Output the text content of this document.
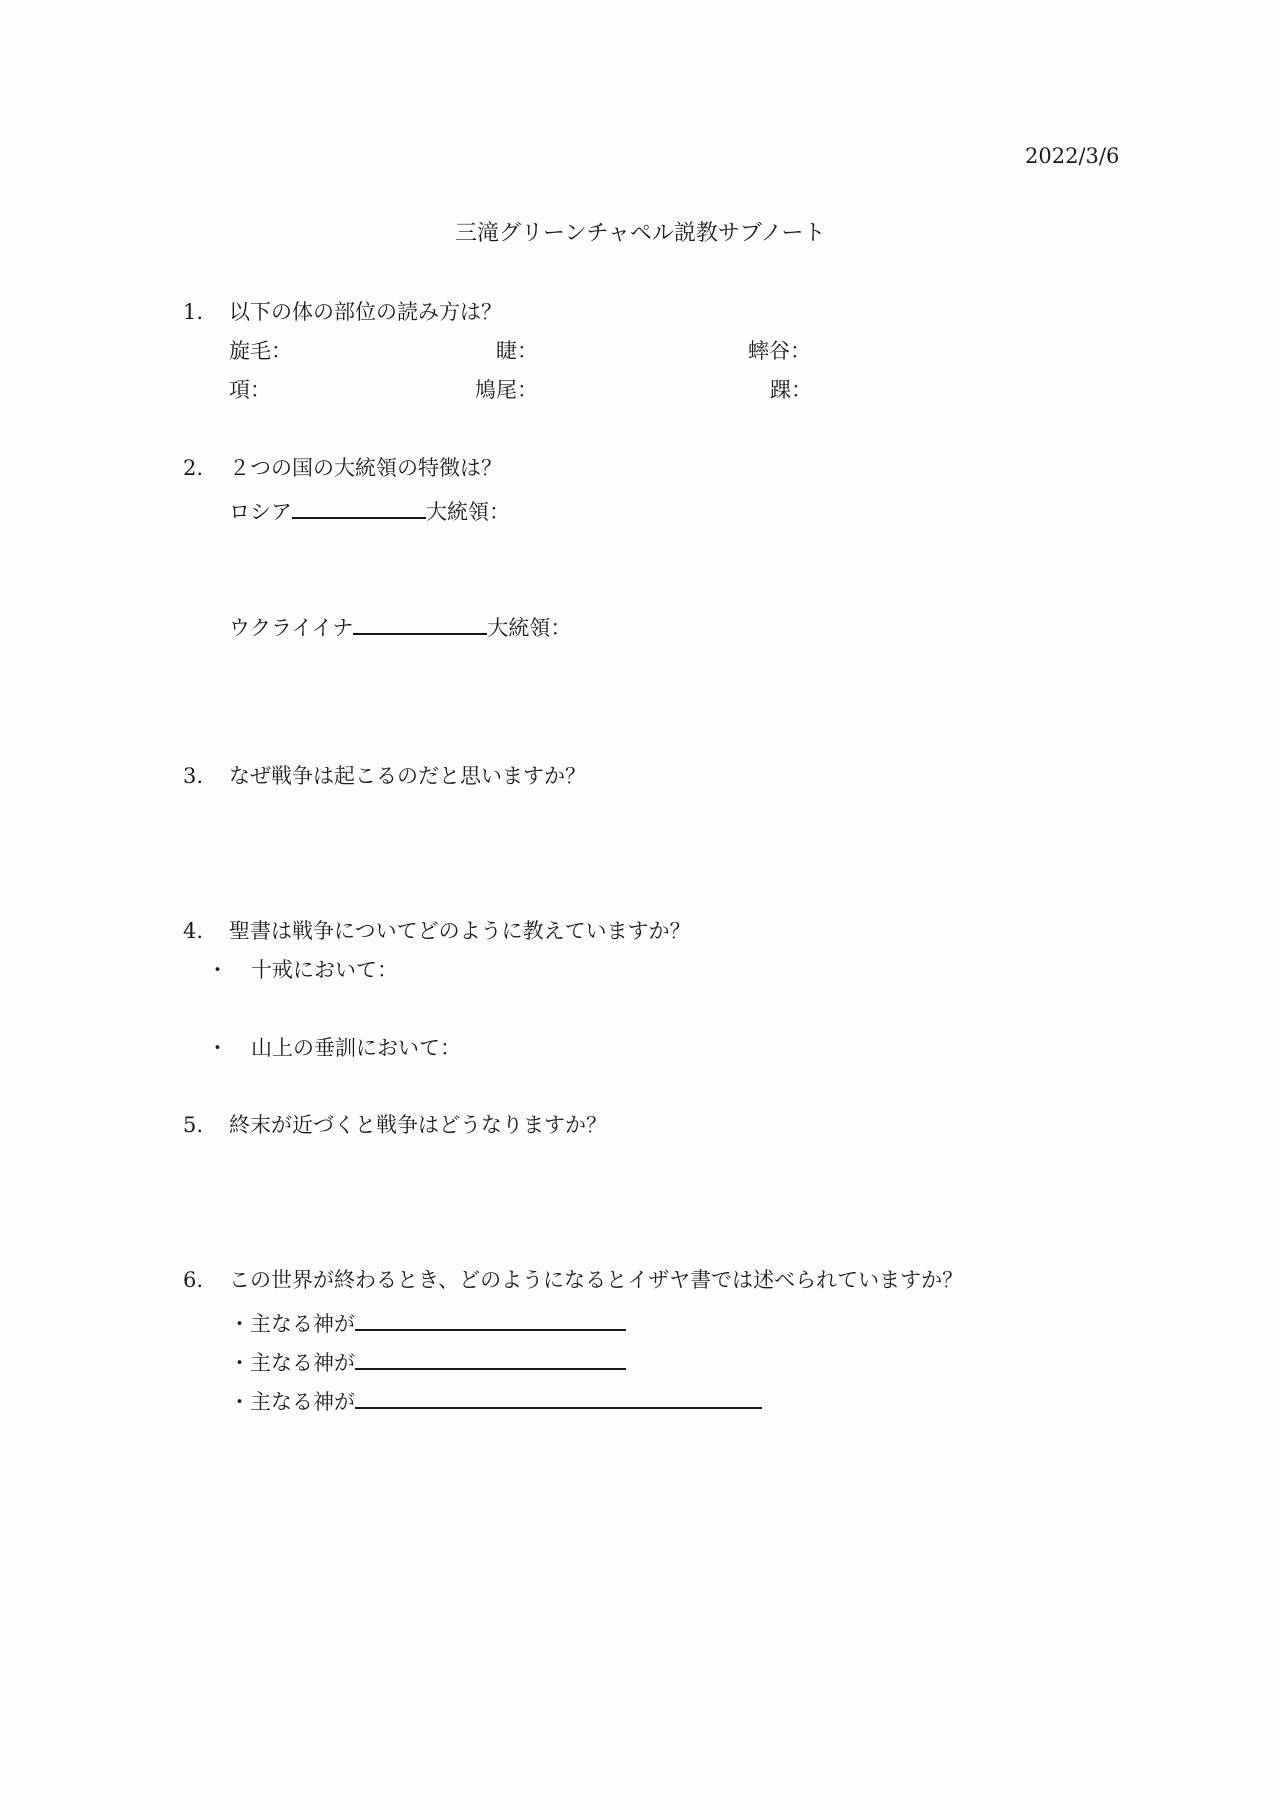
2022/3/6
三滝グリーンチャペル説教サブノート
1. 以下の体の部位の読み方は？
旋毛：	睫：	蟀谷：
項：	鳩尾：	踝：
2. ２つの国の大統領の特徴は？
ロシア	大統領：
ウクライイナ	大統領：
3. なぜ戦争は起こるのだと思いますか？
4. 聖書は戦争についてどのように教えていますか？
・ 十戒において：
・ 山上の垂訓において：
5. 終末が近づくと戦争はどうなりますか？
6. この世界が終わるとき、どのようになるとイザヤ書では述べられていますか？
・主なる神が
・主なる神が
・主なる神が
